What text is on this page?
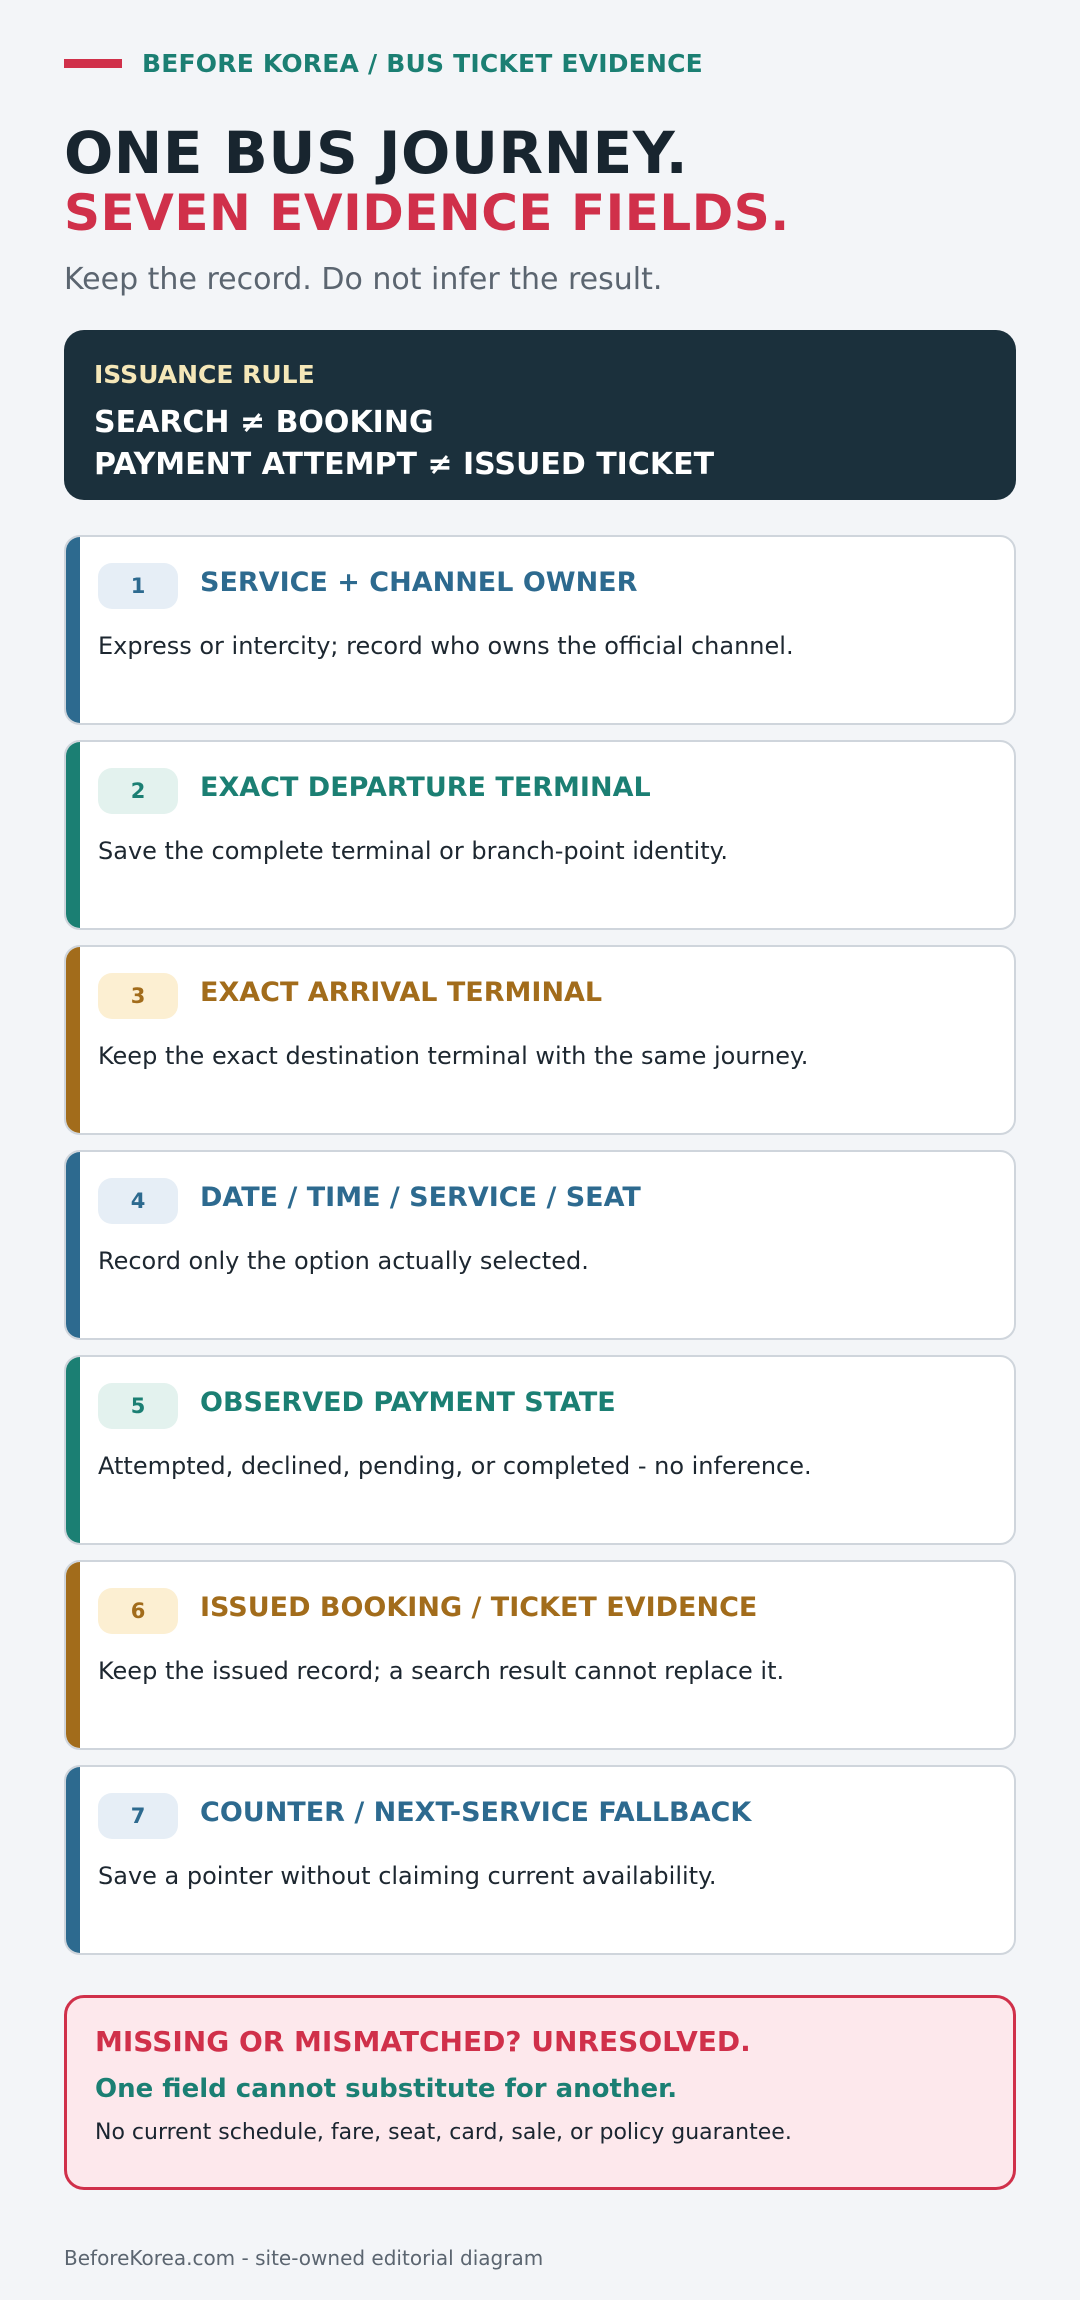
BEFORE KOREA / BUS TICKET EVIDENCE
ONE BUS JOURNEY.
SEVEN EVIDENCE FIELDS.
Keep the record. Do not infer the result.
ISSUANCE RULE
SEARCH ≠ BOOKING
PAYMENT ATTEMPT ≠ ISSUED TICKET
1	SERVICE + CHANNEL OWNER
Express or intercity; record who owns the official channel.
2	EXACT DEPARTURE TERMINAL
Save the complete terminal or branch-point identity.
3	EXACT ARRIVAL TERMINAL
Keep the exact destination terminal with the same journey.
4	DATE / TIME / SERVICE / SEAT
Record only the option actually selected.
5	OBSERVED PAYMENT STATE
Attempted, declined, pending, or completed - no inference.
6	ISSUED BOOKING / TICKET EVIDENCE
Keep the issued record; a search result cannot replace it.
7	COUNTER / NEXT-SERVICE FALLBACK
Save a pointer without claiming current availability.
MISSING OR MISMATCHED? UNRESOLVED.
One field cannot substitute for another.
No current schedule, fare, seat, card, sale, or policy guarantee.
BeforeKorea.com - site-owned editorial diagram
